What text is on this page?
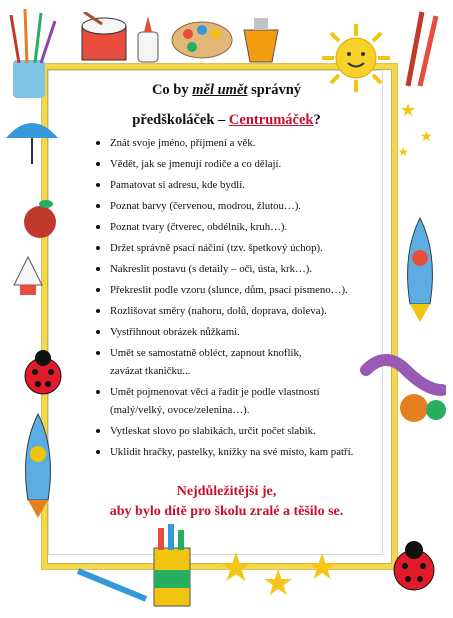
★
★
★
★ ★ ★
Co by měl umět správný
předškoláček – Centrumáček?
Znát svoje jméno, příjmení a věk.
Vědět, jak se jmenují rodiče a co dělají.
Pamatovat si adresu, kde bydlí.
Poznat barvy (červenou, modrou, žlutou…).
Poznat tvary (čtverec, obdélník, kruh…).
Držet správně psací náčiní (tzv. špetkový úchop).
Nakreslit postavu (s detaily – oči, ústa, krk…).
Překreslit podle vzoru (slunce, dům, psací písmeno…).
Rozlišovat směry (nahoru, dolů, doprava, doleva).
Vystřihnout obrázek nůžkami.
Umět se samostatně obléct, zapnout knoflík,
zavázat tkaničku...
Umět pojmenovat věci a řadit je podle vlastností
(malý/velký, ovoce/zelenina…).
Vytleskat slovo po slabikách, určit počet slabik.
Uklidit hračky, pastelky, knížky na své místo, kam patří.
Nejdůležitější je,
aby bylo dítě pro školu zralé a těšilo se.
